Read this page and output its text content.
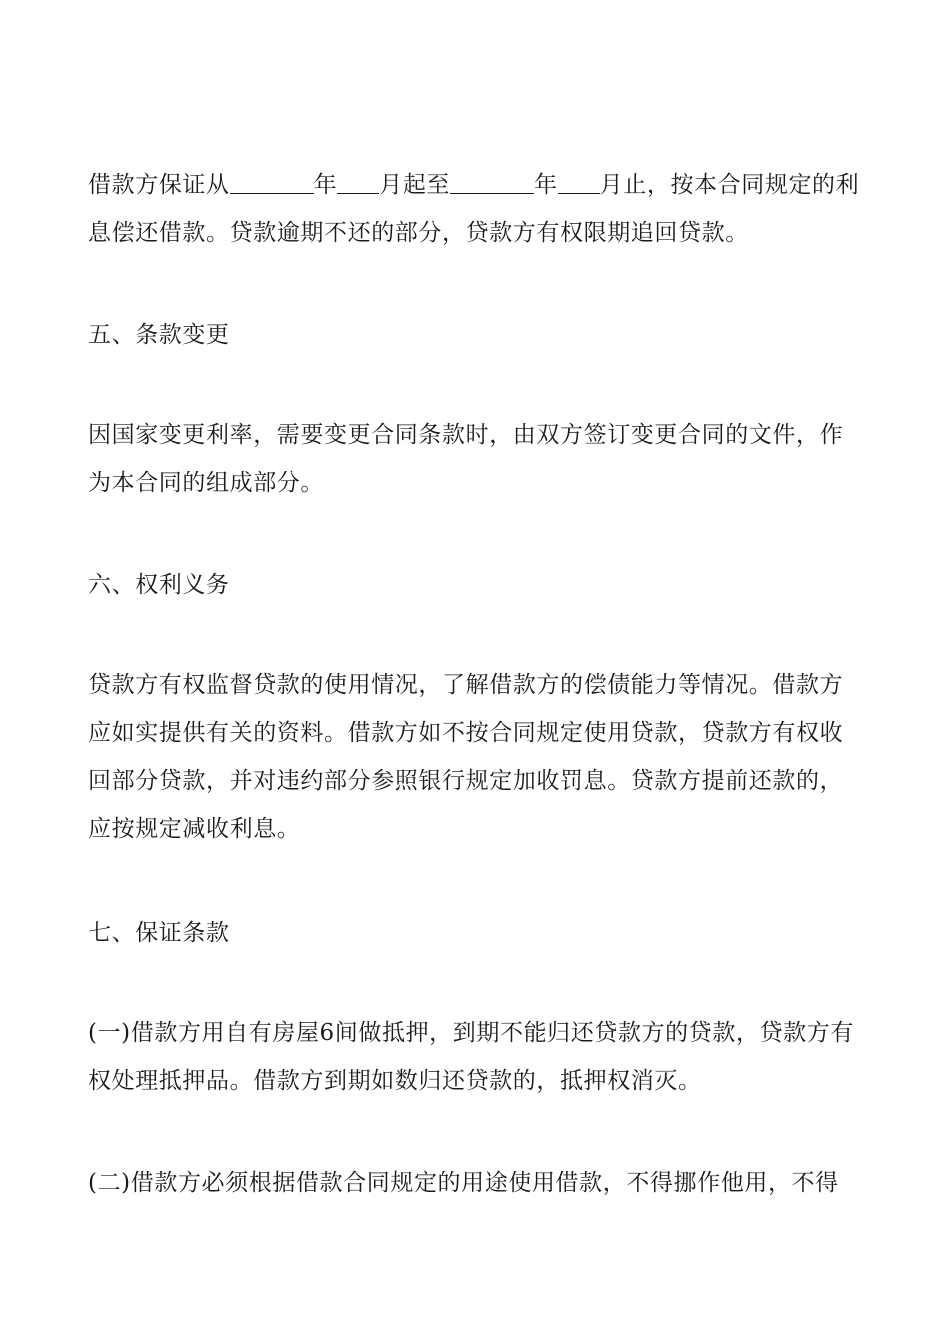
借款方保证从	年 月起至	年 月止，按本合同规定的利息偿还借款。贷款逾期不还的部分，贷款方有权限期追回贷款。

五、条款变更

因国家变更利率，需要变更合同条款时，由双方签订变更合同的文件，作为本合同的组成部分。

六、权利义务

贷款方有权监督贷款的使用情况，了解借款方的偿债能力等情况。借款方应如实提供有关的资料。借款方如不按合同规定使用贷款，贷款方有权收回部分贷款，并对违约部分参照银行规定加收罚息。贷款方提前还款的，应按规定减收利息。

七、保证条款

(一)借款方用自有房屋6间做抵押，到期不能归还贷款方的贷款，贷款方有权处理抵押品。借款方到期如数归还贷款的，抵押权消灭。

(二)借款方必须根据借款合同规定的用途使用借款，不得挪作他用，不得
